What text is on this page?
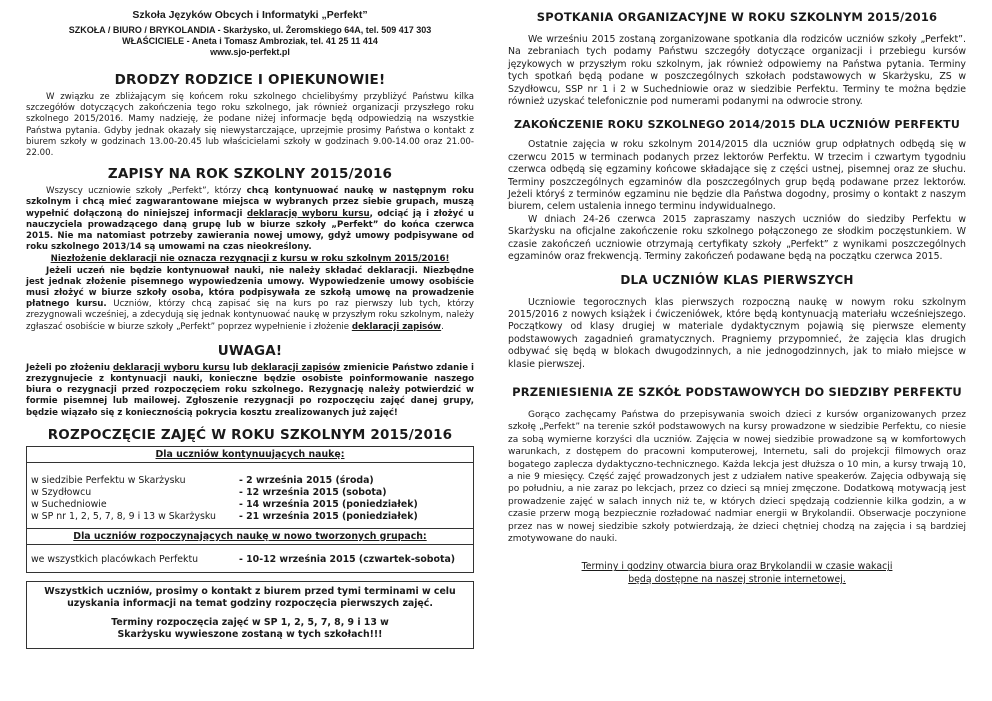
Szkoła Języków Obcych i Informatyki „Perfekt”
SZKOŁA / BIURO / BRYKOLANDIA - Skarżysko, ul. Żeromskiego 64A, tel. 509 417 303
WŁAŚCICIELE - Aneta i Tomasz Ambroziak, tel. 41 25 11 414
www.sjo-perfekt.pl
DRODZY RODZICE I OPIEKUNOWIE!

W związku ze zbliżającym się końcem roku szkolnego chcielibyśmy przybliżyć Państwu kilka szczegółów dotyczących zakończenia tego roku szkolnego, jak również organizacji przyszłego roku szkolnego 2015/2016. Mamy nadzieję, że podane niżej informacje będą odpowiedzią na wszystkie Państwa pytania. Gdyby jednak okazały się niewystarczające, uprzejmie prosimy Państwa o kontakt z biurem szkoły w godzinach 13.00-20.45 lub właścicielami szkoły w godzinach 9.00-14.00 oraz 21.00-22.00.

ZAPISY NA ROK SZKOLNY 2015/2016

Wszyscy uczniowie szkoły „Perfekt”, którzy chcą kontynuować naukę w następnym roku szkolnym i chcą mieć zagwarantowane miejsca w wybranych przez siebie grupach, muszą wypełnić dołączoną do niniejszej informacji deklarację wyboru kursu, odciąć ją i złożyć u nauczyciela prowadzącego daną grupę lub w biurze szkoły „Perfekt” do końca czerwca 2015. Nie ma natomiast potrzeby zawierania nowej umowy, gdyż umowy podpisywane od roku szkolnego 2013/14 są umowami na czas nieokreślony.

Niezłożenie deklaracji nie oznacza rezygnacji z kursu w roku szkolnym 2015/2016!

Jeżeli uczeń nie będzie kontynuował nauki, nie należy składać deklaracji. Niezbędne jest jednak złożenie pisemnego wypowiedzenia umowy. Wypowiedzenie umowy osobiście musi złożyć w biurze szkoły osoba, która podpisywała ze szkołą umowę na prowadzenie płatnego kursu. Uczniów, którzy chcą zapisać się na kurs po raz pierwszy lub tych, którzy zrezygnowali wcześniej, a zdecydują się jednak kontynuować naukę w przyszłym roku szkolnym, należy zgłaszać osobiście w biurze szkoły „Perfekt” poprzez wypełnienie i złożenie deklaracji zapisów.

UWAGA!

Jeżeli po złożeniu deklaracji wyboru kursu lub deklaracji zapisów zmienicie Państwo zdanie i zrezygnujecie z kontynuacji nauki, konieczne będzie osobiste poinformowanie naszego biura o rezygnacji przed rozpoczęciem roku szkolnego. Rezygnację należy potwierdzić w formie pisemnej lub mailowej. Zgłoszenie rezygnacji po rozpoczęciu zajęć danej grupy, będzie wiązało się z koniecznością pokrycia kosztu zrealizowanych już zajęć!

ROZPOCZĘCIE ZAJĘĆ W ROKU SZKOLNYM 2015/2016
Dla uczniów kontynuujących naukę:
w siedzibie Perfektu w Skarżysku	- 2 września 2015 (środa)
w Szydłowcu	- 12 września 2015 (sobota)
w Suchedniowie	- 14 września 2015 (poniedziałek)
w SP nr 1, 2, 5, 7, 8, 9 i 13 w Skarżysku	- 21 września 2015 (poniedziałek)
Dla uczniów rozpoczynających naukę w nowo tworzonych grupach:
we wszystkich placówkach Perfektu	- 10-12 września 2015 (czwartek-sobota)

Wszystkich uczniów, prosimy o kontakt z biurem przed tymi terminami w celu uzyskania informacji na temat godziny rozpoczęcia pierwszych zajęć.

Terminy rozpoczęcia zajęć w SP 1, 2, 5, 7, 8, 9 i 13 w Skarżysku wywieszone zostaną w tych szkołach!!!

SPOTKANIA ORGANIZACYJNE W ROKU SZKOLNYM 2015/2016

We wrześniu 2015 zostaną zorganizowane spotkania dla rodziców uczniów szkoły „Perfekt”. Na zebraniach tych podamy Państwu szczegóły dotyczące organizacji i przebiegu kursów językowych w przyszłym roku szkolnym, jak również odpowiemy na Państwa pytania. Terminy tych spotkań będą podane w poszczególnych szkołach podstawowych w Skarżysku, ZS w Szydłowcu, SSP nr 1 i 2 w Suchedniowie oraz w siedzibie Perfektu. Terminy te można będzie również uzyskać telefonicznie pod numerami podanymi na odwrocie strony.

ZAKOŃCZENIE ROKU SZKOLNEGO 2014/2015 DLA UCZNIÓW PERFEKTU

Ostatnie zajęcia w roku szkolnym 2014/2015 dla uczniów grup odpłatnych odbędą się w czerwcu 2015 w terminach podanych przez lektorów Perfektu. W trzecim i czwartym tygodniu czerwca odbędą się egzaminy końcowe składające się z części ustnej, pisemnej oraz ze słuchu. Terminy poszczególnych egzaminów dla poszczególnych grup będą podawane przez lektorów. Jeżeli któryś z terminów egzaminu nie będzie dla Państwa dogodny, prosimy o kontakt z naszym biurem, celem ustalenia innego terminu indywidualnego.

W dniach 24-26 czerwca 2015 zapraszamy naszych uczniów do siedziby Perfektu w Skarżysku na oficjalne zakończenie roku szkolnego połączonego ze słodkim poczęstunkiem. W czasie zakończeń uczniowie otrzymają certyfikaty szkoły „Perfekt” z wynikami poszczególnych egzaminów oraz frekwencją. Terminy zakończeń podawane będą na początku czerwca 2015.

DLA UCZNIÓW KLAS PIERWSZYCH

Uczniowie tegorocznych klas pierwszych rozpoczną naukę w nowym roku szkolnym 2015/2016 z nowych książek i ćwiczeniówek, które będą kontynuacją materiału wcześniejszego. Początkowy od klasy drugiej w materiale dydaktycznym pojawią się pierwsze elementy podstawowych zagadnień gramatycznych. Pragniemy przypomnieć, że zajęcia klas drugich odbywać się będą w blokach dwugodzinnych, a nie jednogodzinnych, jak to miało miejsce w klasie pierwszej.

PRZENIESIENIA ZE SZKÓŁ PODSTAWOWYCH DO SIEDZIBY PERFEKTU

Gorąco zachęcamy Państwa do przepisywania swoich dzieci z kursów organizowanych przez szkołę „Perfekt” na terenie szkół podstawowych na kursy prowadzone w siedzibie Perfektu, co niesie za sobą wymierne korzyści dla uczniów. Zajęcia w nowej siedzibie prowadzone są w komfortowych warunkach, z dostępem do pracowni komputerowej, Internetu, sali do projekcji filmowych oraz bogatego zaplecza dydaktyczno-technicznego. Każda lekcja jest dłuższa o 10 min, a kursy trwają 10, a nie 9 miesięcy. Część zajęć prowadzonych jest z udziałem native speakerów. Zajęcia odbywają się po południu, a nie zaraz po lekcjach, przez co dzieci są mniej zmęczone. Dodatkową motywacją jest prowadzenie zajęć w salach innych niż te, w których dzieci spędzają codziennie kilka godzin, a w czasie przerw mogą bezpiecznie rozładować nadmiar energii w Brykolandii. Obserwacje poczynione przez nas w nowej siedzibie szkoły potwierdzają, że dzieci chętniej chodzą na zajęcia i są bardziej zmotywowane do nauki.

Terminy i godziny otwarcia biura oraz Brykolandii w czasie wakacji
będą dostępne na naszej stronie internetowej.
